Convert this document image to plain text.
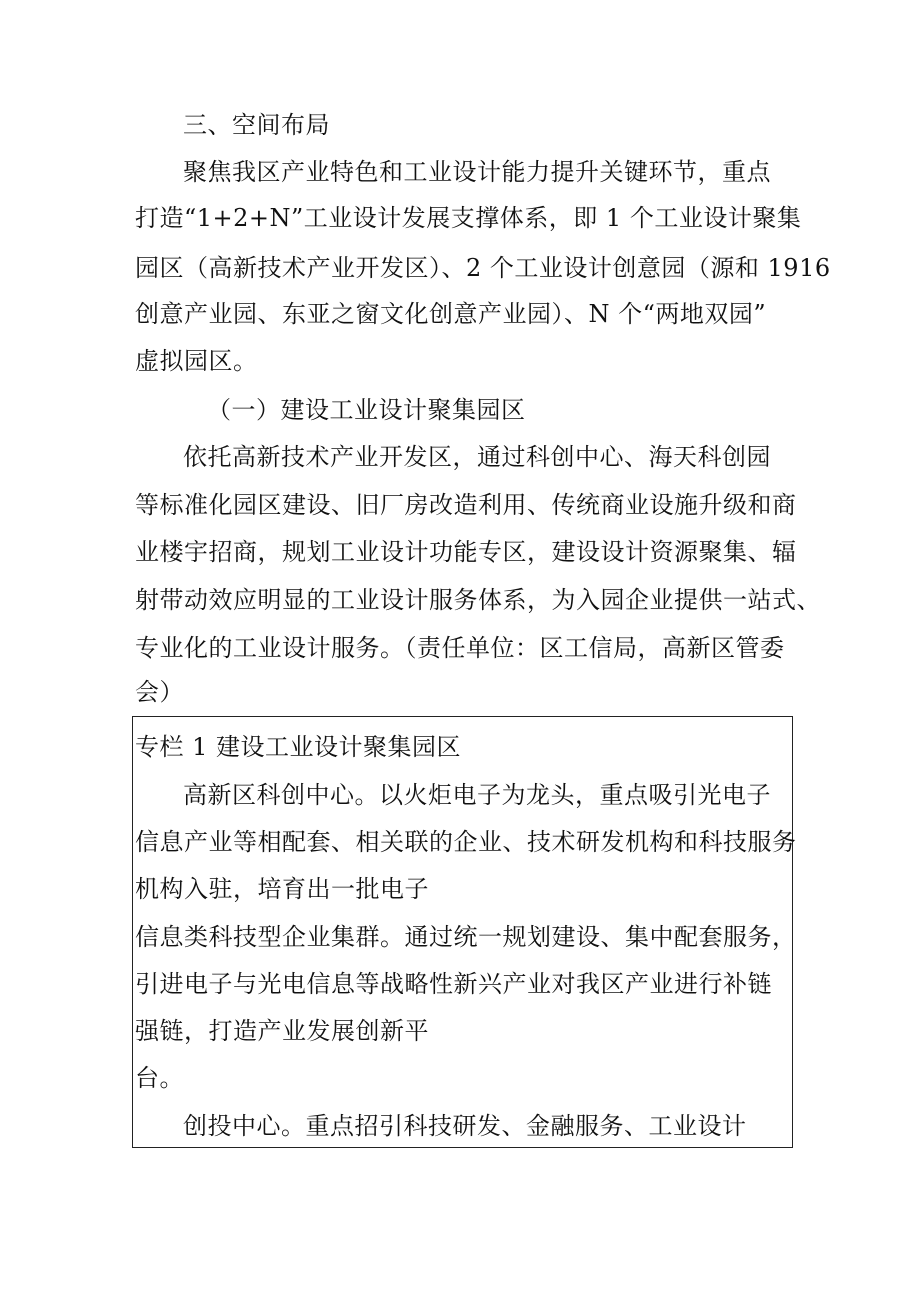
三、空间布局
聚焦我区产业特色和工业设计能力提升关键环节，重点
打造“1+2+N”工业设计发展支撑体系，即 1 个工业设计聚集
园区（高新技术产业开发区）、2 个工业设计创意园（源和 1916
创意产业园、东亚之窗文化创意产业园）、N 个“两地双园”
虚拟园区。
（一）建设工业设计聚集园区
依托高新技术产业开发区，通过科创中心、海天科创园
等标准化园区建设、旧厂房改造利用、传统商业设施升级和商
业楼宇招商，规划工业设计功能专区，建设设计资源聚集、辐
射带动效应明显的工业设计服务体系，为入园企业提供一站式、
专业化的工业设计服务。（责任单位：区工信局，高新区管委
会）
专栏 1 建设工业设计聚集园区
高新区科创中心。以火炬电子为龙头，重点吸引光电子
信息产业等相配套、相关联的企业、技术研发机构和科技服务
机构入驻，培育出一批电子
信息类科技型企业集群。通过统一规划建设、集中配套服务，
引进电子与光电信息等战略性新兴产业对我区产业进行补链
强链，打造产业发展创新平
台。
创投中心。重点招引科技研发、金融服务、工业设计
